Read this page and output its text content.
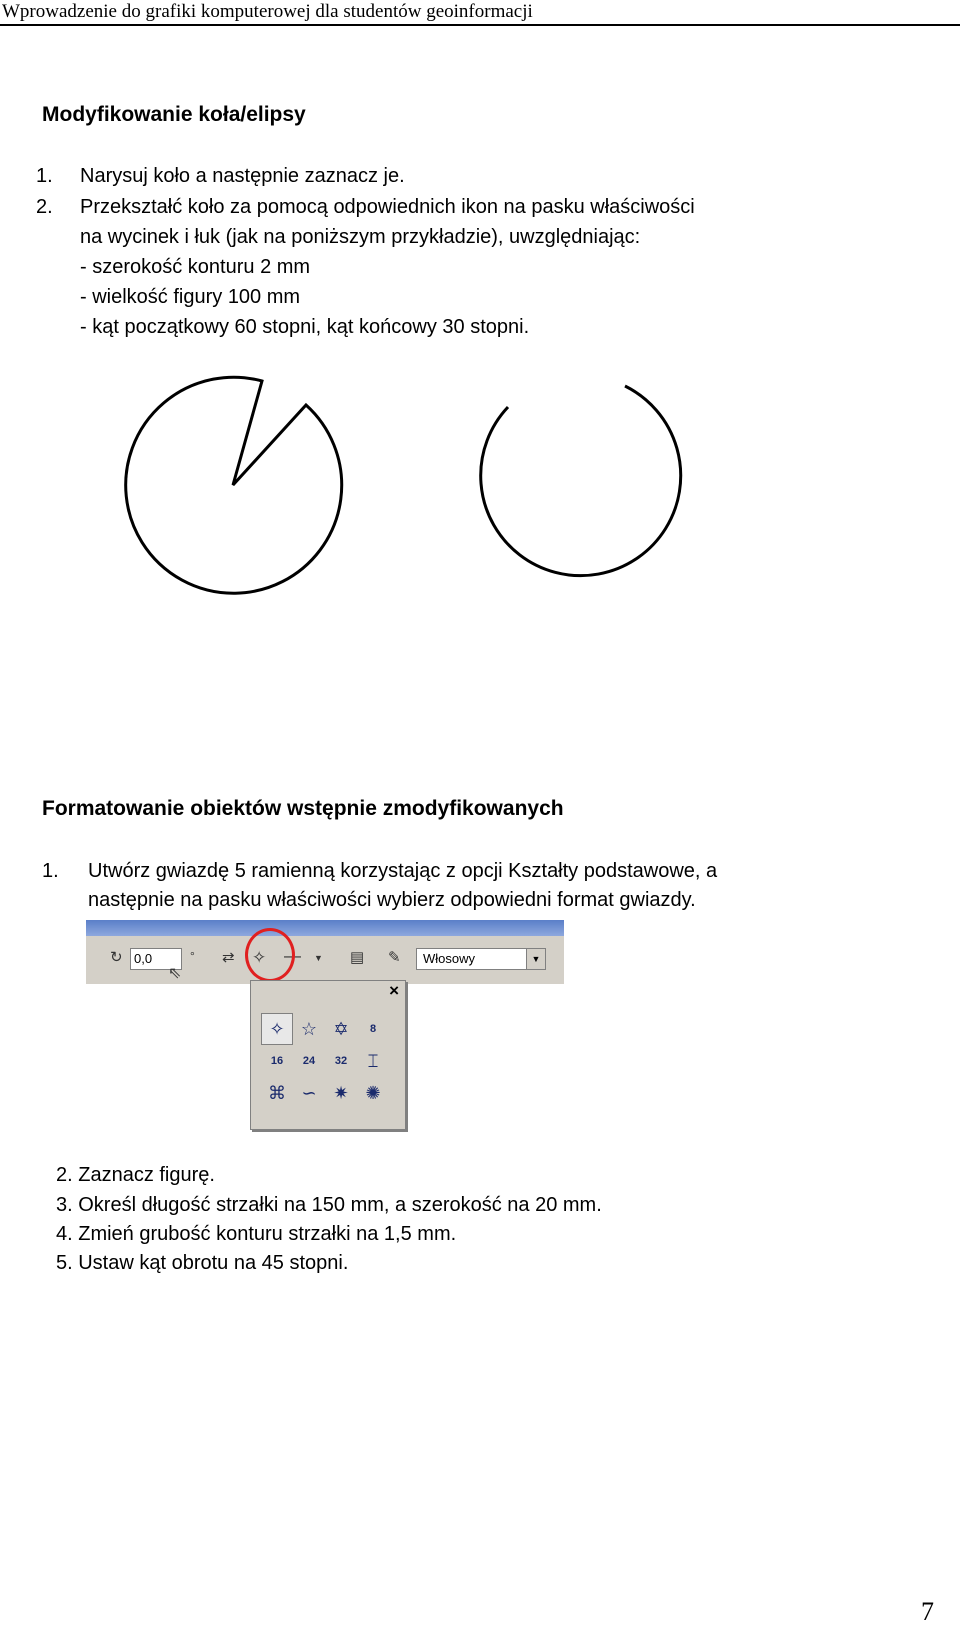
Wprowadzenie do grafiki komputerowej dla studentów geoinformacji
Modyfikowanie koła/elipsy
1. Narysuj koło a następnie zaznacz je.
2. Przekształć koło za pomocą odpowiednich ikon na pasku właściwości
na wycinek i łuk (jak na poniższym przykładzie), uwzględniając:
- szerokość konturu 2 mm
- wielkość figury 100 mm
- kąt początkowy 60 stopni, kąt końcowy 30 stopni.
Formatowanie obiektów wstępnie zmodyfikowanych
1. Utwórz gwiazdę 5 ramienną korzystając z opcji Kształty podstawowe, a
następnie na pasku właściwości wybierz odpowiedni format gwiazdy.
↻ 0,0	° ⇄ ✧ — ▼ ▤ ✎	Włosowy	▼
⇖
×
✧ ☆ ✡	8
16	24	32	⌶
⌘ ∽ ✷ ✺
2. Zaznacz figurę.
3. Określ długość strzałki na 150 mm, a szerokość na 20 mm.
4. Zmień grubość konturu strzałki na 1,5 mm.
5. Ustaw kąt obrotu na 45 stopni.
7
